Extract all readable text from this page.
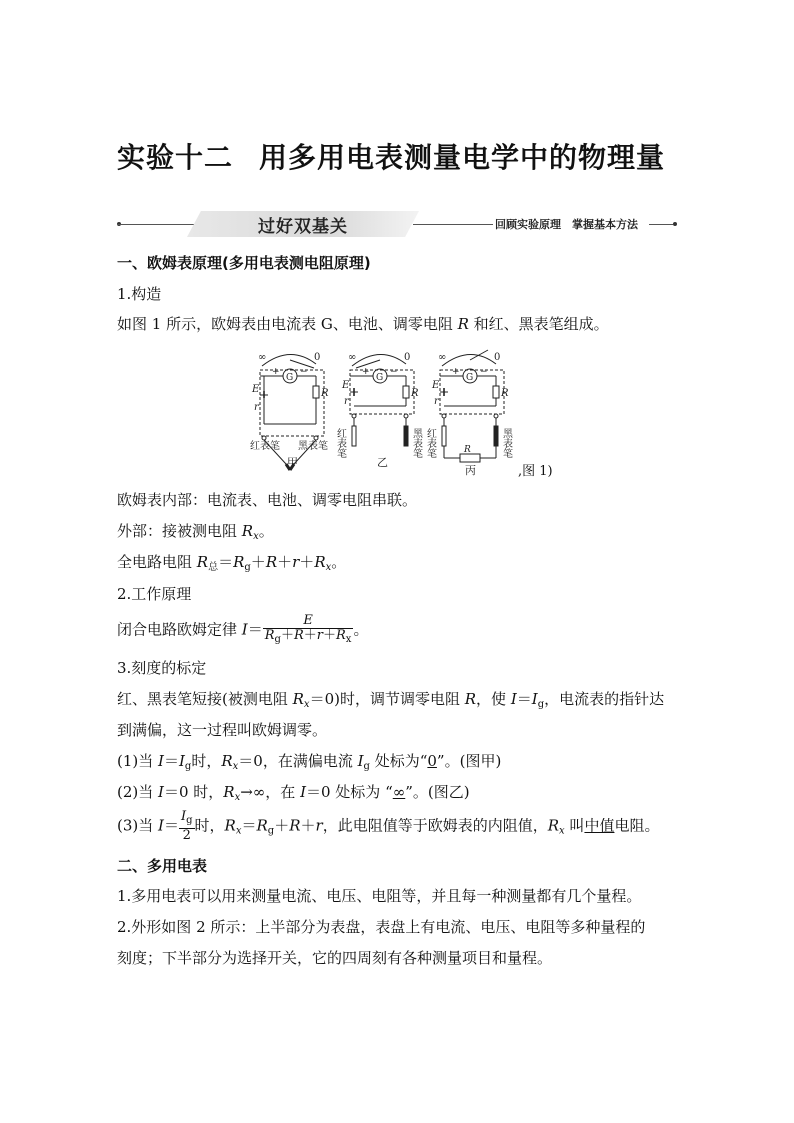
实验十二 用多用电表测量电学中的物理量
过好双基关	回顾实验原理　掌握基本方法
一、欧姆表原理(多用电表测电阻原理)
1.构造
如图 1 所示，欧姆表由电流表 G、电池、调零电阻 R 和红、黑表笔组成。
∞	0
G
+ −
E
r
R
红表笔 黑表笔
∞	0
G
+ −
E
r
R
红表笔	黑表笔
∞	0
G
+ −
E
r
R
红表笔	黑表笔
R
甲	乙
丙	,图 1)
欧姆表内部：电流表、电池、调零电阻串联。
外部：接被测电阻 $R_x$。
全电路电阻 $R_总=R_g+R+r+R_x$。
2.工作原理
闭合电路欧姆定律 $I= \frac{E}{R_g+R+r+R_x}$ 。
3.刻度的标定
红、黑表笔短接(被测电阻 $R_x=0$)时，调节调零电阻 R，使 $I=I_g$，电流表的指针达
到满偏，这一过程叫欧姆调零。
(1)当 $I=I_g$时，$R_x=0$，在满偏电流 $I_g$ 处标为“0”。(图甲)
(2)当 I＝0 时，$R_x\to\infty$，在 I＝0 处标为 “∞”。(图乙)
(3)当 $I= \frac{I_g}{2}$ 时，$R_x=R_g+R+r$，此电阻值等于欧姆表的内阻值，$R_x$ 叫中值电阻。
二、多用电表
1.多用电表可以用来测量电流、电压、电阻等，并且每一种测量都有几个量程。
2.外形如图 2 所示：上半部分为表盘，表盘上有电流、电压、电阻等多种量程的
刻度；下半部分为选择开关，它的四周刻有各种测量项目和量程。
